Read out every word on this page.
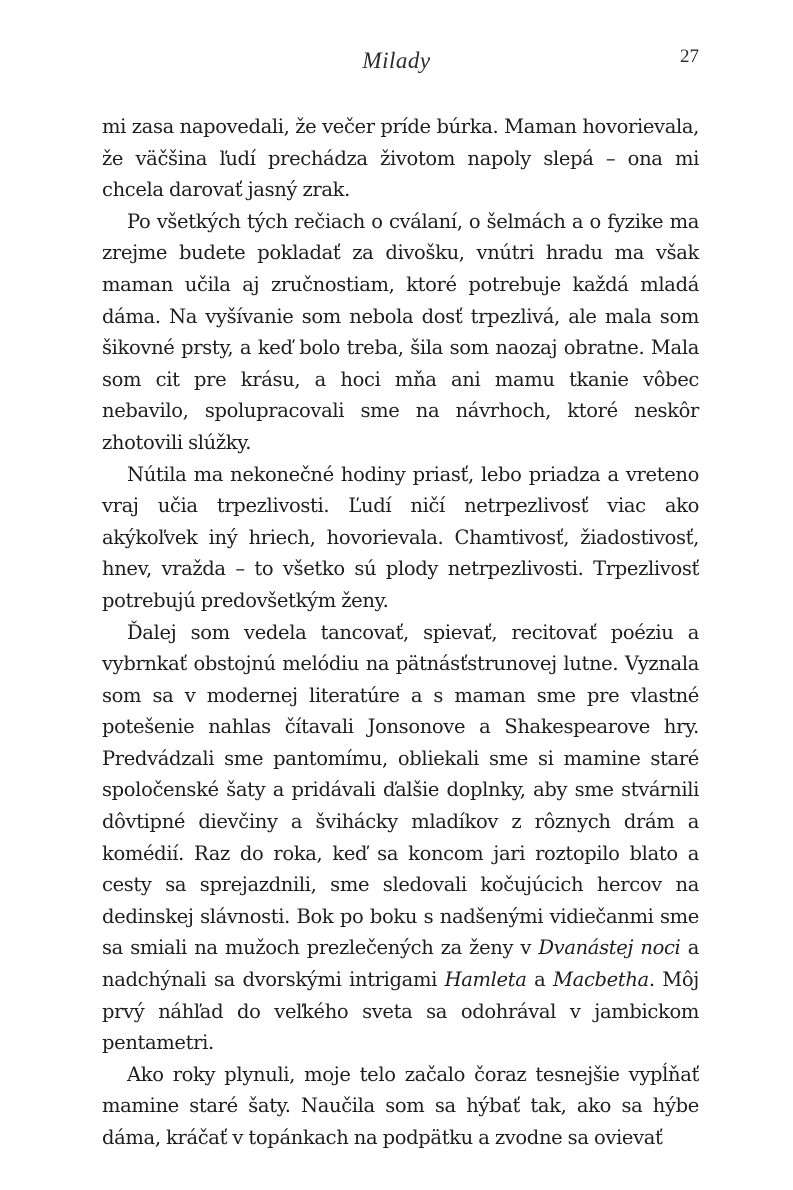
Milady	27

mi zasa napovedali, že večer príde búrka. Maman hovorievala, že väčšina ľudí prechádza životom napoly slepá – ona mi chcela darovať jasný zrak.

Po všetkých tých rečiach o cválaní, o šelmách a o fyzike ma zrejme budete pokladať za divošku, vnútri hradu ma však maman učila aj zručnostiam, ktoré potrebuje každá mladá dáma. Na vyšívanie som nebola dosť trpezlivá, ale mala som šikovné prsty, a keď bolo treba, šila som naozaj obratne. Mala som cit pre krásu, a hoci mňa ani mamu tkanie vôbec nebavilo, spolupracovali sme na návrhoch, ktoré neskôr zhotovili slúžky.

Nútila ma nekonečné hodiny priasť, lebo priadza a vreteno vraj učia trpezlivosti. Ľudí ničí netrpezlivosť viac ako akýkoľvek iný hriech, hovorievala. Chamtivosť, žiadostivosť, hnev, vražda – to všetko sú plody netrpezlivosti. Trpezlivosť potrebujú predovšetkým ženy.

Ďalej som vedela tancovať, spievať, recitovať poéziu a vybrnkať obstojnú melódiu na pätnásťstrunovej lutne. Vyznala som sa v modernej literatúre a s maman sme pre vlastné potešenie nahlas čítavali Jonsonove a Shakespearove hry. Predvádzali sme pantomímu, obliekali sme si mamine staré spoločenské šaty a pridávali ďalšie doplnky, aby sme stvárnili dôvtipné dievčiny a švihácky mladíkov z rôznych drám a komédií. Raz do roka, keď sa koncom jari roztopilo blato a cesty sa sprejazdnili, sme sledovali kočujúcich hercov na dedinskej slávnosti. Bok po boku s nadšenými vidiečanmi sme sa smiali na mužoch prezlečených za ženy v Dvanástej noci a nadchýnali sa dvorskými intrigami Hamleta a Macbetha. Môj prvý náhľad do veľkého sveta sa odohrával v jambickom pentametri.

Ako roky plynuli, moje telo začalo čoraz tesnejšie vypĺňať mamine staré šaty. Naučila som sa hýbať tak, ako sa hýbe dáma, kráčať v topánkach na podpätku a zvodne sa ovievať
